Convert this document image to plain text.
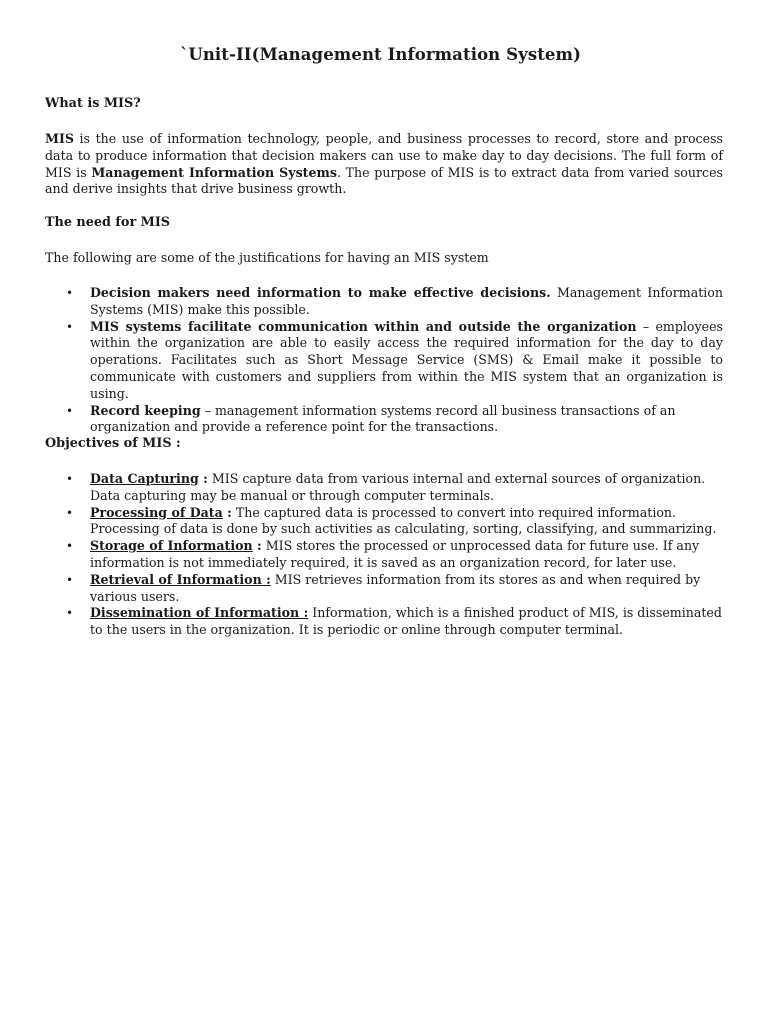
`Unit-II(Management Information System)
What is MIS?
MIS is the use of information technology, people, and business processes to record, store and process data to produce information that decision makers can use to make day to day decisions. The full form of MIS is Management Information Systems. The purpose of MIS is to extract data from varied sources and derive insights that drive business growth.
The need for MIS
The following are some of the justifications for having an MIS system
• Decision makers need information to make effective decisions. Management Information Systems (MIS) make this possible.
• MIS systems facilitate communication within and outside the organization – employees within the organization are able to easily access the required information for the day to day operations. Facilitates such as Short Message Service (SMS) & Email make it possible to communicate with customers and suppliers from within the MIS system that an organization is using.
• Record keeping – management information systems record all business transactions of an organization and provide a reference point for the transactions.
Objectives of MIS :
• Data Capturing : MIS capture data from various internal and external sources of organization. Data capturing may be manual or through computer terminals.
• Processing of Data : The captured data is processed to convert into required information. Processing of data is done by such activities as calculating, sorting, classifying, and summarizing.
• Storage of Information : MIS stores the processed or unprocessed data for future use. If any information is not immediately required, it is saved as an organization record, for later use.
• Retrieval of Information : MIS retrieves information from its stores as and when required by various users.
• Dissemination of Information : Information, which is a finished product of MIS, is disseminated to the users in the organization. It is periodic or online through computer terminal.
